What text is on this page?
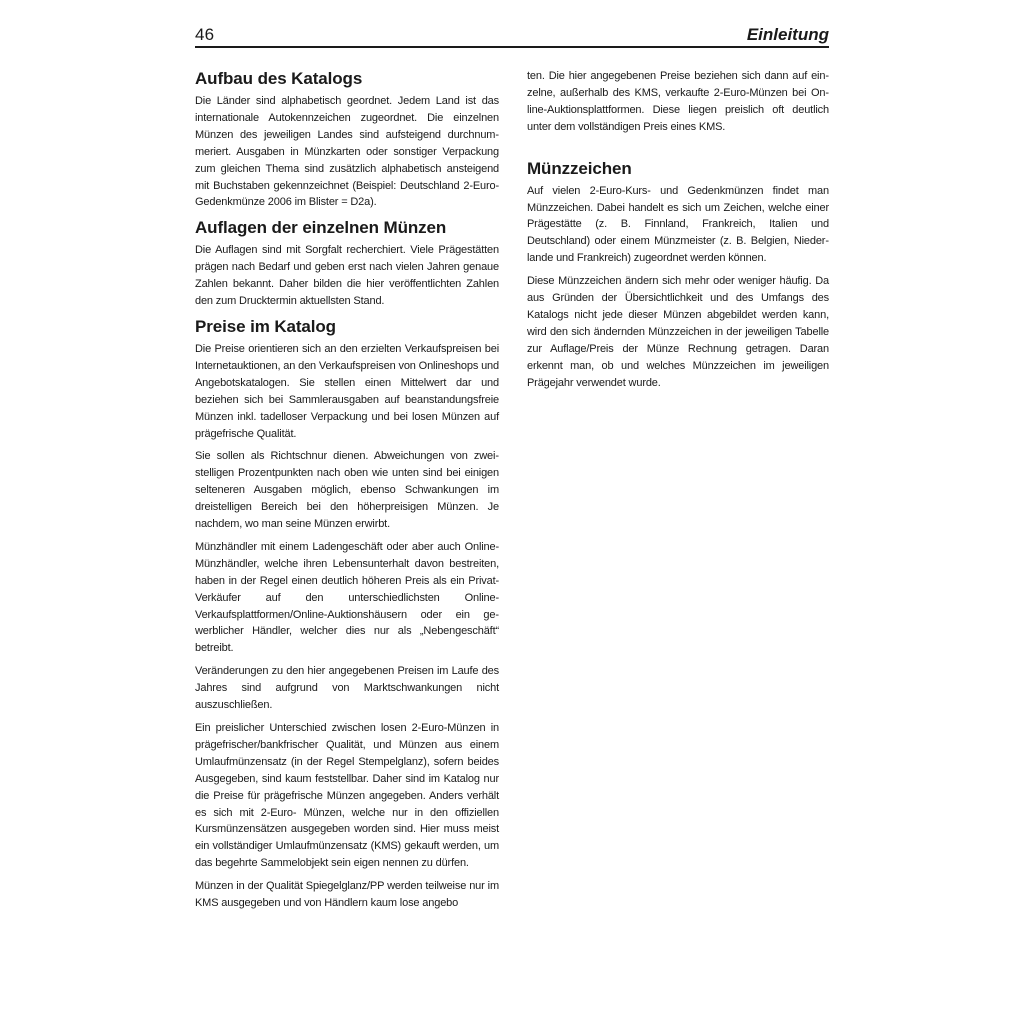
46	Einleitung
Aufbau des Katalogs

Die Länder sind alphabetisch geordnet. Jedem Land ist das internationale Autokennzeichen zugeordnet. Die einzelnen Münzen des jeweiligen Landes sind aufsteigend durchnummeriert. Ausgaben in Münzkarten oder sonstiger Verpackung zum gleichen Thema sind zusätzlich alphabetisch ansteigend mit Buchstaben gekennzeichnet (Beispiel: Deutschland 2-Euro-Gedenkmünze 2006 im Blister = D2a).

Auflagen der einzelnen Münzen

Die Auflagen sind mit Sorgfalt recherchiert. Viele Prägestätten prägen nach Bedarf und geben erst nach vielen Jahren genaue Zahlen bekannt. Daher bilden die hier veröffentlichten Zahlen den zum Drucktermin aktuellsten Stand.

Preise im Katalog

Die Preise orientieren sich an den erzielten Verkaufspreisen bei Internetauktionen, an den Verkaufspreisen von Onlineshops und Angebotskatalogen. Sie stellen einen Mittelwert dar und beziehen sich bei Sammlerausgaben auf beanstandungsfreie Münzen inkl. tadelloser Verpackung und bei losen Münzen auf prägefrische Qualität.

Sie sollen als Richtschnur dienen. Abweichungen von zweistelligen Prozentpunkten nach oben wie unten sind bei einigen selteneren Ausgaben möglich, ebenso Schwankungen im dreistelligen Bereich bei den höherpreisigen Münzen. Je nachdem, wo man seine Münzen erwirbt.

Münzhändler mit einem Ladengeschäft oder aber auch Online-Münzhändler, welche ihren Lebensunterhalt davon bestreiten, haben in der Regel einen deutlich höheren Preis als ein Privat-Verkäufer auf den unterschiedlichsten Online-Verkaufsplattformen/Online-Auktionshäusern oder ein gewerblicher Händler, welcher dies nur als „Nebengeschäft“ betreibt.

Veränderungen zu den hier angegebenen Preisen im Laufe des Jahres sind aufgrund von Marktschwankungen nicht auszuschließen.

Ein preislicher Unterschied zwischen losen 2-Euro-Münzen in prägefrischer/bankfrischer Qualität, und Münzen aus einem Umlaufmünzensatz (in der Regel Stempelglanz), sofern beides Ausgegeben, sind kaum feststellbar. Daher sind im Katalog nur die Preise für prägefrische Münzen angegeben. Anders verhält es sich mit 2-Euro- Münzen, welche nur in den offiziellen Kursmünzensätzen ausgegeben worden sind. Hier muss meist ein vollständiger Umlaufmünzensatz (KMS) gekauft werden, um das begehrte Sammelobjekt sein eigen nennen zu dürfen.

Münzen in der Qualität Spiegelglanz/PP werden teilweise nur im KMS ausgegeben und von Händlern kaum lose angebo

ten. Die hier angegebenen Preise beziehen sich dann auf einzelne, außerhalb des KMS, verkaufte 2-Euro-Münzen bei Online-Auktionsplattformen. Diese liegen preislich oft deutlich unter dem vollständigen Preis eines KMS.

Münzzeichen

Auf vielen 2-Euro-Kurs- und Gedenkmünzen findet man Münzzeichen. Dabei handelt es sich um Zeichen, welche einer Prägestätte (z. B. Finnland, Frankreich, Italien und Deutschland) oder einem Münzmeister (z. B. Belgien, Niederlande und Frankreich) zugeordnet werden können.

Diese Münzzeichen ändern sich mehr oder weniger häufig. Da aus Gründen der Übersichtlichkeit und des Umfangs des Katalogs nicht jede dieser Münzen abgebildet werden kann, wird den sich ändernden Münzzeichen in der jeweiligen Tabelle zur Auflage/Preis der Münze Rechnung getragen. Daran erkennt man, ob und welches Münzzeichen im jeweiligen Prägejahr verwendet wurde.
